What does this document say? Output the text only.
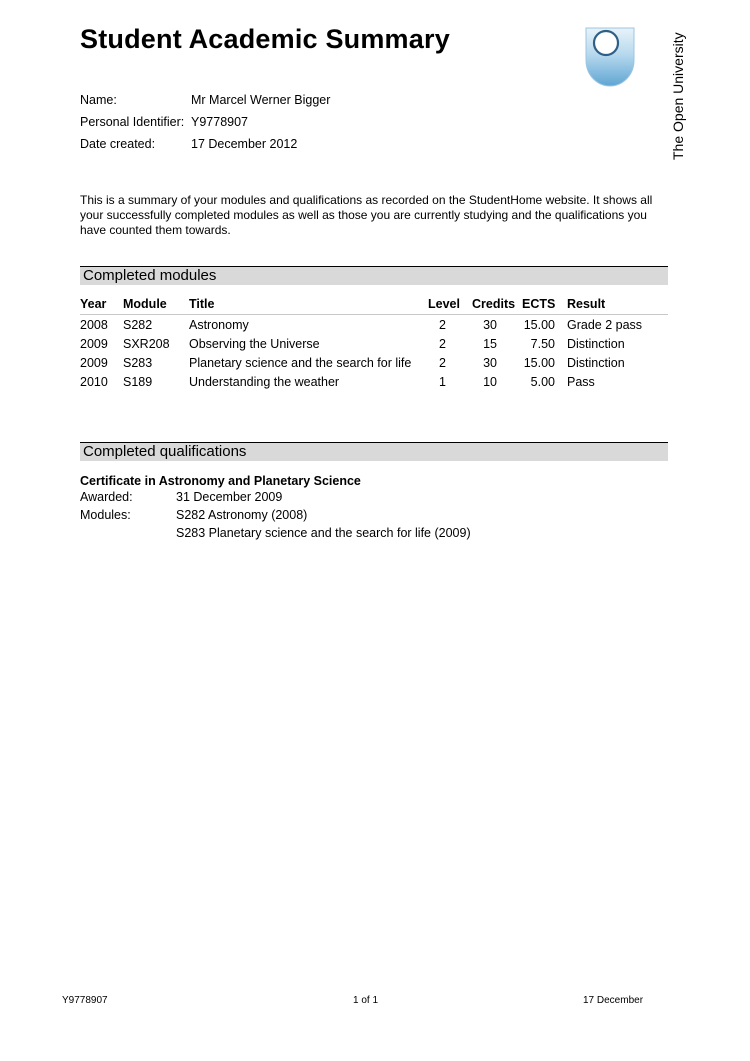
Student Academic Summary	The Open University
Name:	Mr Marcel Werner Bigger
Personal Identifier: Y9778907
Date created:	17 December 2012
This is a summary of your modules and qualifications as recorded on the StudentHome website. It shows all your successfully completed modules as well as those you are currently studying and the qualifications you have counted them towards.
Completed modules
Year Module Title	Level Credits ECTS Result
2008 S282	Astronomy	2	30	15.00 Grade 2 pass
2009 SXR208 Observing the Universe	2	15	7.50 Distinction
2009 S283	Planetary science and the search for life	2	30	15.00 Distinction
2010 S189	Understanding the weather	1	10	5.00 Pass
Completed qualifications
Certificate in Astronomy and Planetary Science
Awarded:	31 December 2009
Modules:	S282 Astronomy (2008)
S283 Planetary science and the search for life (2009)
Y9778907	1 of 1	17 December
